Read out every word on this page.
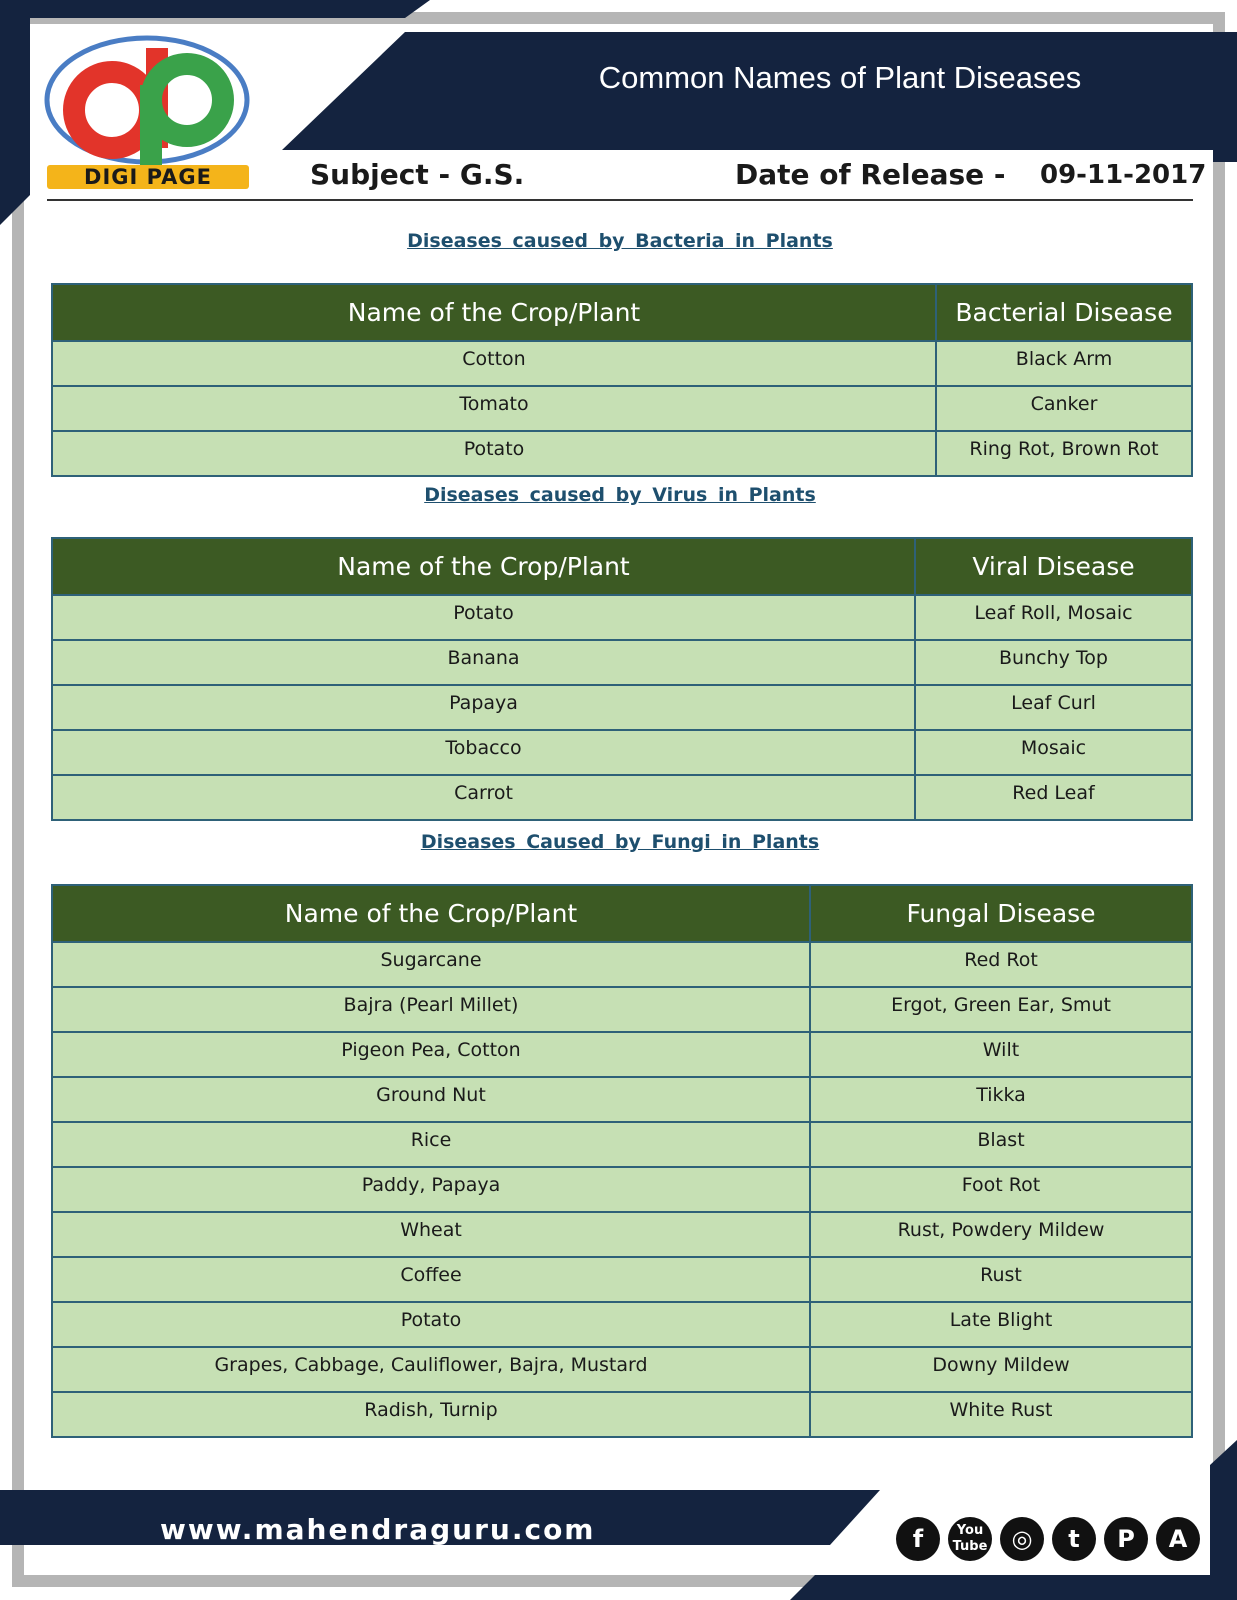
DIGI PAGE
Common Names of Plant Diseases
Subject - G.S.	Date of Release - 09-11-2017
Diseases caused by Bacteria in Plants
Name of the Crop/Plant	Bacterial Disease
Cotton	Black Arm
Tomato	Canker
Potato	Ring Rot, Brown Rot
Diseases caused by Virus in Plants
Name of the Crop/Plant	Viral Disease
Potato	Leaf Roll, Mosaic
Banana	Bunchy Top
Papaya	Leaf Curl
Tobacco	Mosaic
Carrot	Red Leaf
Diseases Caused by Fungi in Plants
Name of the Crop/Plant	Fungal Disease
Sugarcane	Red Rot
Bajra (Pearl Millet)	Ergot, Green Ear, Smut
Pigeon Pea, Cotton	Wilt
Ground Nut	Tikka
Rice	Blast
Paddy, Papaya	Foot Rot
Wheat	Rust, Powdery Mildew
Coffee	Rust
Potato	Late Blight
Grapes, Cabbage, Cauliflower, Bajra, Mustard	Downy Mildew
Radish, Turnip	White Rust
www.mahendraguru.com	f	You Tube	◎	t	P	A
